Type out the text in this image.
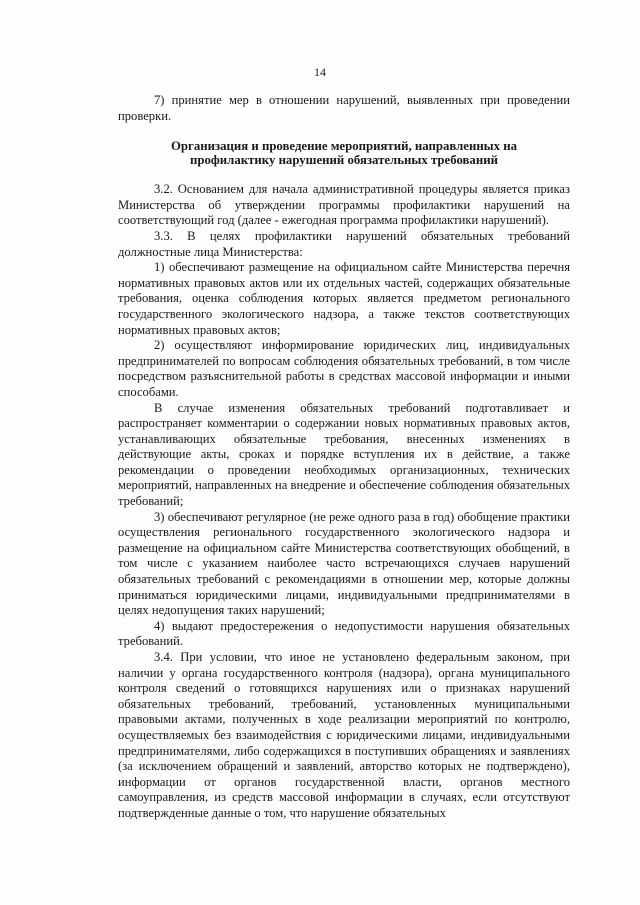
14

7) принятие мер в отношении нарушений, выявленных при проведении проверки.

Организация и проведение мероприятий, направленных на
профилактику нарушений обязательных требований

3.2. Основанием для начала административной процедуры является приказ Министерства об утверждении программы профилактики нарушений на соответствующий год (далее - ежегодная программа профилактики нарушений).

3.3. В целях профилактики нарушений обязательных требований должностные лица Министерства:

1) обеспечивают размещение на официальном сайте Министерства перечня нормативных правовых актов или их отдельных частей, содержащих обязательные требования, оценка соблюдения которых является предметом регионального государственного экологического надзора, а также текстов соответствующих нормативных правовых актов;

2) осуществляют информирование юридических лиц, индивидуальных предпринимателей по вопросам соблюдения обязательных требований, в том числе посредством разъяснительной работы в средствах массовой информации и иными способами.

В случае изменения обязательных требований подготавливает и распространяет комментарии о содержании новых нормативных правовых актов, устанавливающих обязательные требования, внесенных изменениях в действующие акты, сроках и порядке вступления их в действие, а также рекомендации о проведении необходимых организационных, технических мероприятий, направленных на внедрение и обеспечение соблюдения обязательных требований;

3) обеспечивают регулярное (не реже одного раза в год) обобщение практики осуществления регионального государственного экологического надзора и размещение на официальном сайте Министерства соответствующих обобщений, в том числе с указанием наиболее часто встречающихся случаев нарушений обязательных требований с рекомендациями в отношении мер, которые должны приниматься юридическими лицами, индивидуальными предпринимателями в целях недопущения таких нарушений;

4) выдают предостережения о недопустимости нарушения обязательных требований.

3.4. При условии, что иное не установлено федеральным законом, при наличии у органа государственного контроля (надзора), органа муниципального контроля сведений о готовящихся нарушениях или о признаках нарушений обязательных требований, требований, установленных муниципальными правовыми актами, полученных в ходе реализации мероприятий по контролю, осуществляемых без взаимодействия с юридическими лицами, индивидуальными предпринимателями, либо содержащихся в поступивших обращениях и заявлениях (за исключением обращений и заявлений, авторство которых не подтверждено), информации от органов государственной власти, органов местного самоуправления, из средств массовой информации в случаях, если отсутствуют подтвержденные данные о том, что нарушение обязательных
